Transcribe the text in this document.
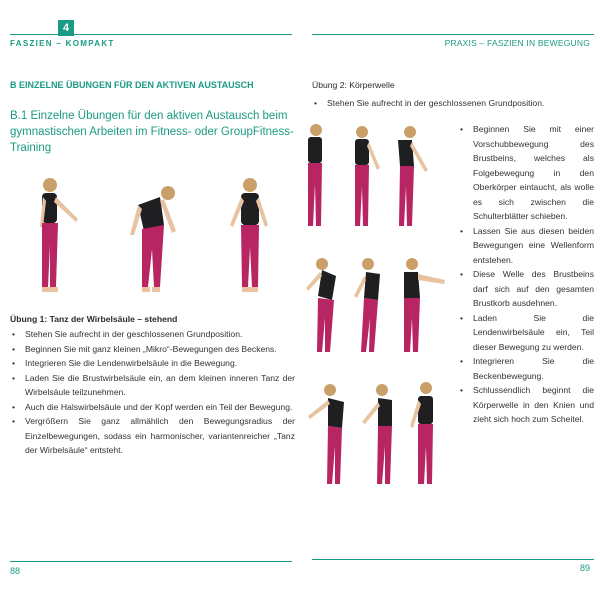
4
FASZIEN – KOMPAKT	PRAXIS – FASZIEN IN BEWEGUNG
B EINZELNE ÜBUNGEN FÜR DEN AKTIVEN AUSTAUSCH
B.1 Einzelne Übungen für den aktiven Austausch beim gymnastischen Arbeiten im Fitness- oder GroupFitness-Training
Übung 1: Tanz der Wirbelsäule – stehend
• Stehen Sie aufrecht in der geschlossenen Grundposition.
• Beginnen Sie mit ganz kleinen „Mikro“-Bewegungen des Beckens.
• Integrieren Sie die Lendenwirbelsäule in die Bewegung.
• Laden Sie die Brustwirbelsäule ein, an dem kleinen inneren Tanz der Wirbelsäule teilzunehmen.
• Auch die Halswirbelsäule und der Kopf werden ein Teil der Bewegung.
• Vergrößern Sie ganz allmählich den Bewegungsradius der Einzelbewegungen, sodass ein harmonischer, variantenreicher „Tanz der Wirbelsäule“ entsteht.
Übung 2: Körperwelle
• Stehen Sie aufrecht in der geschlossenen Grundposition.
• Beginnen Sie mit einer Vorschubbewegung des Brustbeins, welches als Folgebewegung in den Oberkörper eintaucht, als wolle es sich zwischen die Schulterblätter schieben.
• Lassen Sie aus diesen beiden Bewegungen eine Wellenform entstehen.
• Diese Welle des Brustbeins darf sich auf den gesamten Brustkorb ausdehnen.
• Laden Sie die Lendenwirbelsäule ein, Teil dieser Bewegung zu werden.
• Integrieren Sie die Beckenbewegung.
• Schlussendlich beginnt die Körperwelle in den Knien und zieht sich hoch zum Scheitel.
88	89
